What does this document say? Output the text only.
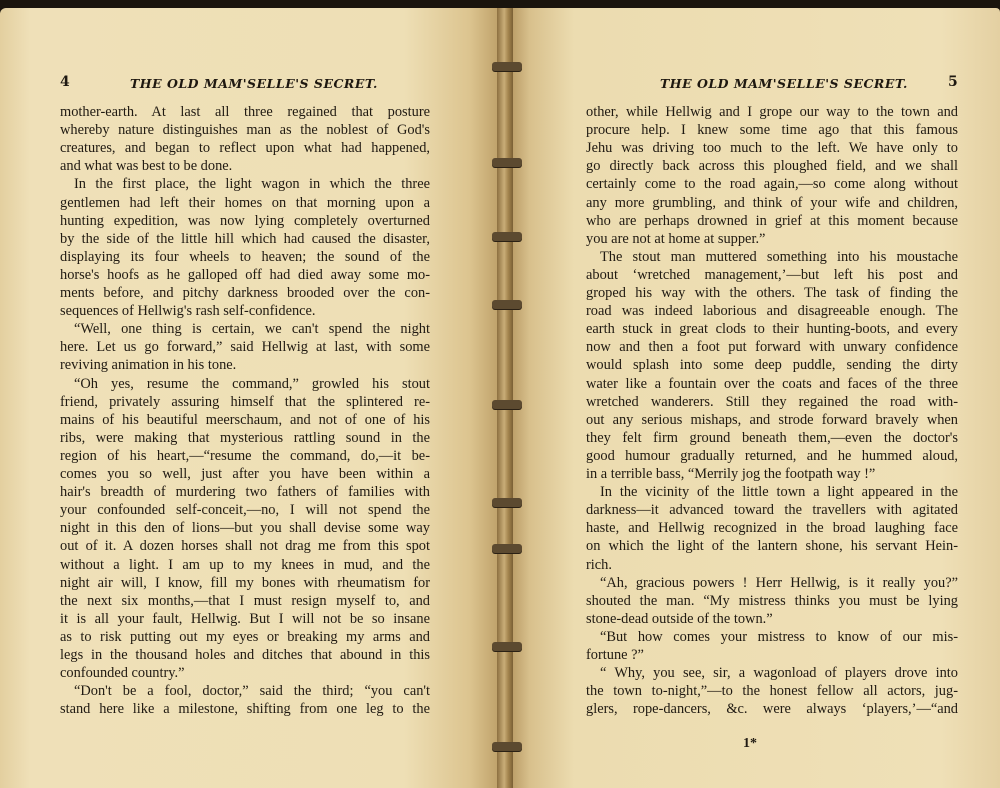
4	THE OLD MAM'SELLE'S SECRET.	THE OLD MAM'SELLE'S SECRET.	5
mother-earth. At last all three regained that posture
whereby nature distinguishes man as the noblest of God's
creatures, and began to reflect upon what had happened,
and what was best to be done.
In the first place, the light wagon in which the three
gentlemen had left their homes on that morning upon a
hunting expedition, was now lying completely overturned
by the side of the little hill which had caused the disaster,
displaying its four wheels to heaven; the sound of the
horse's hoofs as he galloped off had died away some mo-
ments before, and pitchy darkness brooded over the con-
sequences of Hellwig's rash self-confidence.
“Well, one thing is certain, we can't spend the night
here. Let us go forward,” said Hellwig at last, with some
reviving animation in his tone.
“Oh yes, resume the command,” growled his stout
friend, privately assuring himself that the splintered re-
mains of his beautiful meerschaum, and not of one of his
ribs, were making that mysterious rattling sound in the
region of his heart,—“resume the command, do,—it be-
comes you so well, just after you have been within a
hair's breadth of murdering two fathers of families with
your confounded self-conceit,—no, I will not spend the
night in this den of lions—but you shall devise some way
out of it. A dozen horses shall not drag me from this spot
without a light. I am up to my knees in mud, and the
night air will, I know, fill my bones with rheumatism for
the next six months,—that I must resign myself to, and
it is all your fault, Hellwig. But I will not be so insane
as to risk putting out my eyes or breaking my arms and
legs in the thousand holes and ditches that abound in this
confounded country.”
“Don't be a fool, doctor,” said the third; “you can't
stand here like a milestone, shifting from one leg to the
other, while Hellwig and I grope our way to the town and
procure help. I knew some time ago that this famous
Jehu was driving too much to the left. We have only to
go directly back across this ploughed field, and we shall
certainly come to the road again,—so come along without
any more grumbling, and think of your wife and children,
who are perhaps drowned in grief at this moment because
you are not at home at supper.”
The stout man muttered something into his moustache
about ‘wretched management,’—but left his post and
groped his way with the others. The task of finding the
road was indeed laborious and disagreeable enough. The
earth stuck in great clods to their hunting-boots, and every
now and then a foot put forward with unwary confidence
would splash into some deep puddle, sending the dirty
water like a fountain over the coats and faces of the three
wretched wanderers. Still they regained the road with-
out any serious mishaps, and strode forward bravely when
they felt firm ground beneath them,—even the doctor's
good humour gradually returned, and he hummed aloud,
in a terrible bass, “Merrily jog the footpath way !”
In the vicinity of the little town a light appeared in the
darkness—it advanced toward the travellers with agitated
haste, and Hellwig recognized in the broad laughing face
on which the light of the lantern shone, his servant Hein-
rich.
“Ah, gracious powers ! Herr Hellwig, is it really you?”
shouted the man. “My mistress thinks you must be lying
stone-dead outside of the town.”
“But how comes your mistress to know of our mis-
fortune ?”
“ Why, you see, sir, a wagonload of players drove into
the town to-night,”—to the honest fellow all actors, jug-
glers, rope-dancers, &c. were always ‘players,’—“and
1*
